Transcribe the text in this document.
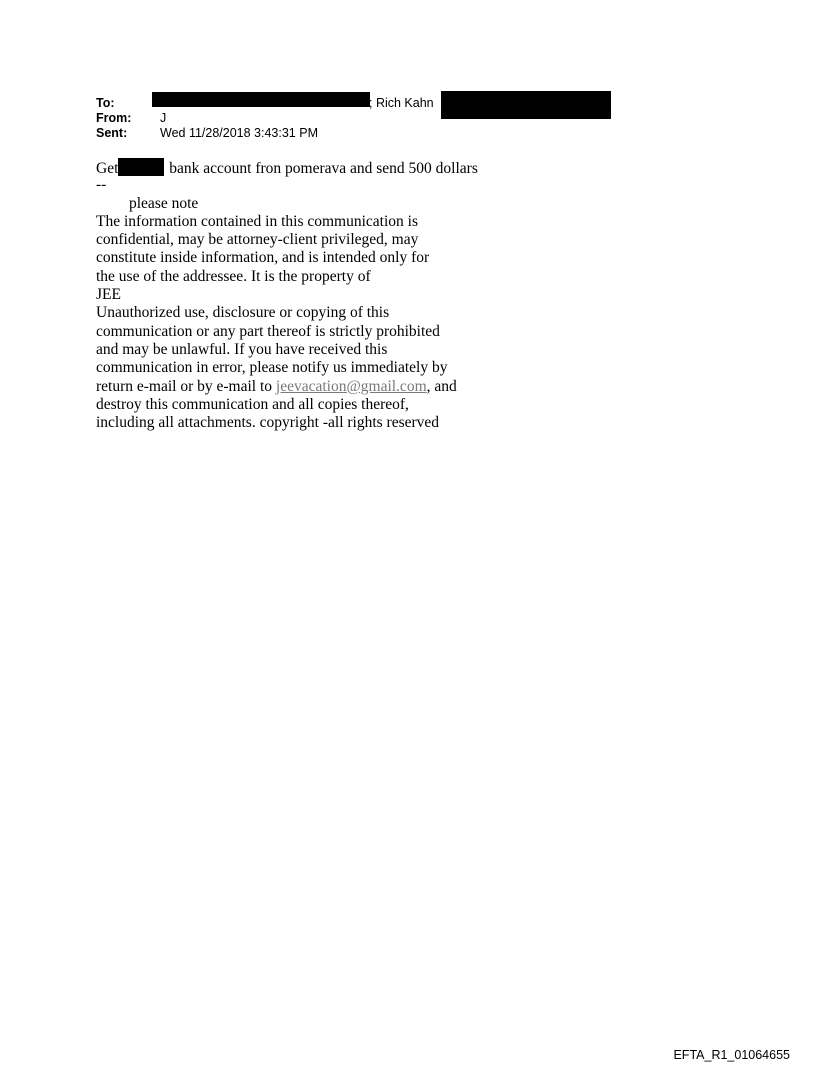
To:	; Rich Kahn
From: J
Sent:	Wed 11/28/2018 3:43:31 PM
Get	bank account fron pomerava and send 500 dollars
--
please note
The information contained in this communication is
confidential, may be attorney-client privileged, may
constitute inside information, and is intended only for
the use of the addressee. It is the property of
JEE
Unauthorized use, disclosure or copying of this
communication or any part thereof is strictly prohibited
and may be unlawful. If you have received this
communication in error, please notify us immediately by
return e-mail or by e-mail to jeevacation@gmail.com, and
destroy this communication and all copies thereof,
including all attachments. copyright -all rights reserved
EFTA_R1_01064655
